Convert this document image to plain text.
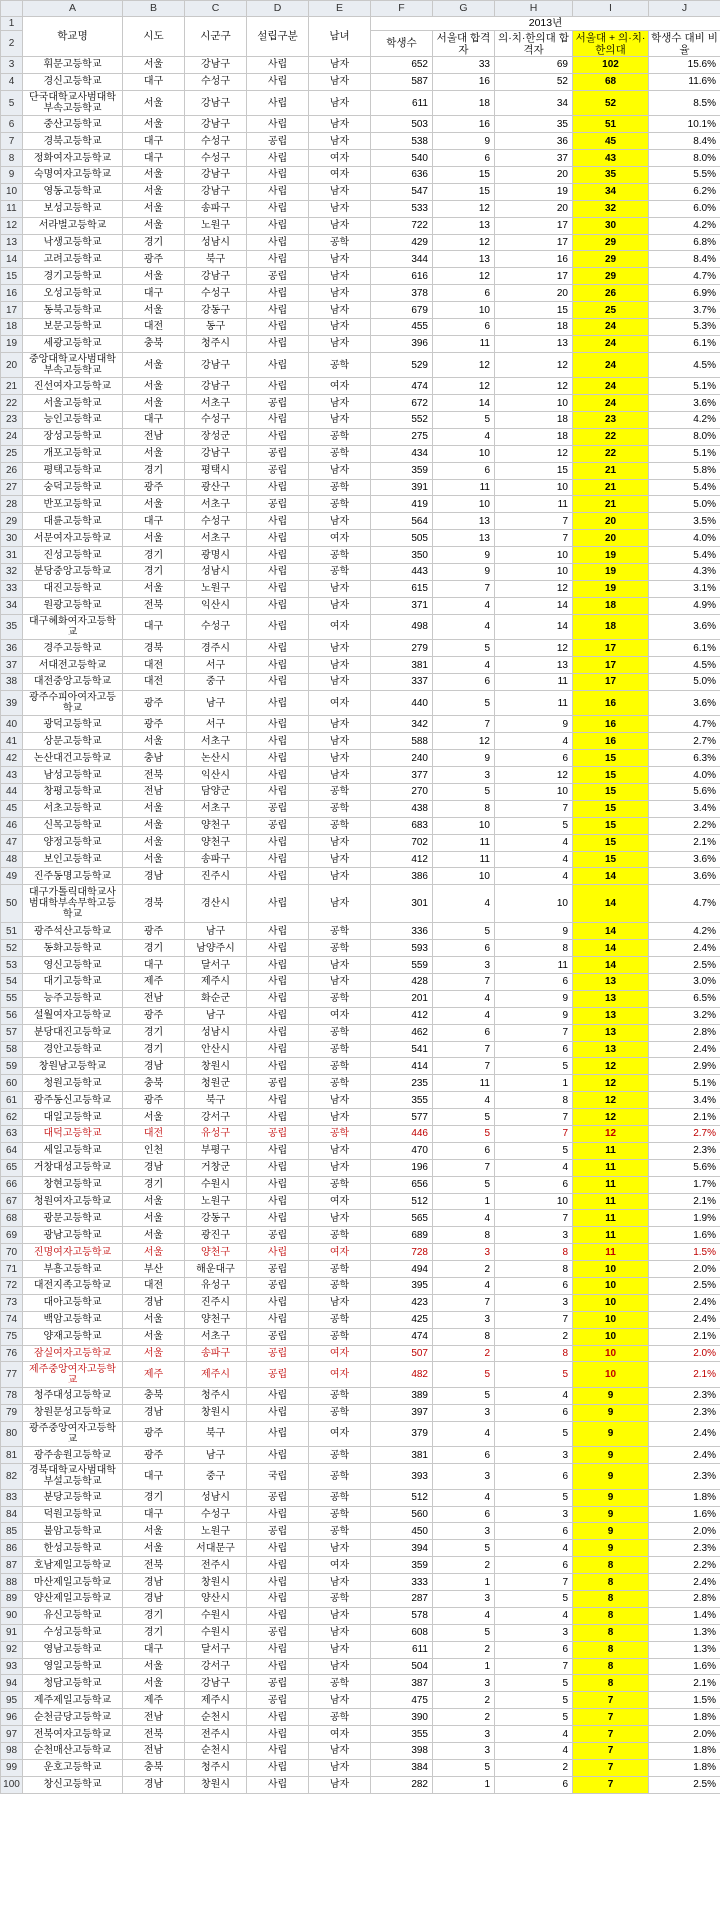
	A	B	C	D	E	F	G	H	I	J
1	학교명	시도	시군구	설립구분	남녀	2013년				
2						학생수	서울대 합격자	의·치·한의대 합격자	서울대 + 의·치·한의대	학생수 대비 비율
3	휘문고등학교	서울	강남구	사립	남자	652	33	69	102	15.6%
4	경신고등학교	대구	수성구	사립	남자	587	16	52	68	11.6%
5	단국대학교사범대학부속고등학교	서울	강남구	사립	남자	611	18	34	52	8.5%
6	중산고등학교	서울	강남구	사립	남자	503	16	35	51	10.1%
7	경북고등학교	대구	수성구	공립	남자	538	9	36	45	8.4%
8	정화여자고등학교	대구	수성구	사립	여자	540	6	37	43	8.0%
9	숙명여자고등학교	서울	강남구	사립	여자	636	15	20	35	5.5%
10	영동고등학교	서울	강남구	사립	남자	547	15	19	34	6.2%
11	보성고등학교	서울	송파구	사립	남자	533	12	20	32	6.0%
12	서라벌고등학교	서울	노원구	사립	남자	722	13	17	30	4.2%
13	낙생고등학교	경기	성남시	사립	공학	429	12	17	29	6.8%
14	고려고등학교	광주	북구	사립	남자	344	13	16	29	8.4%
15	경기고등학교	서울	강남구	공립	남자	616	12	17	29	4.7%
16	오성고등학교	대구	수성구	사립	남자	378	6	20	26	6.9%
17	동북고등학교	서울	강동구	사립	남자	679	10	15	25	3.7%
18	보문고등학교	대전	동구	사립	남자	455	6	18	24	5.3%
19	세광고등학교	충북	청주시	사립	남자	396	11	13	24	6.1%
20	중앙대학교사범대학부속고등학교	서울	강남구	사립	공학	529	12	12	24	4.5%
21	진선여자고등학교	서울	강남구	사립	여자	474	12	12	24	5.1%
22	서울고등학교	서울	서초구	공립	남자	672	14	10	24	3.6%
23	능인고등학교	대구	수성구	사립	남자	552	5	18	23	4.2%
24	장성고등학교	전남	장성군	사립	공학	275	4	18	22	8.0%
25	개포고등학교	서울	강남구	공립	공학	434	10	12	22	5.1%
26	평택고등학교	경기	평택시	공립	남자	359	6	15	21	5.8%
27	숭덕고등학교	광주	광산구	사립	공학	391	11	10	21	5.4%
28	반포고등학교	서울	서초구	공립	공학	419	10	11	21	5.0%
29	대륜고등학교	대구	수성구	사립	남자	564	13	7	20	3.5%
30	서문여자고등학교	서울	서초구	사립	여자	505	13	7	20	4.0%
31	진성고등학교	경기	광명시	사립	공학	350	9	10	19	5.4%
32	분당중앙고등학교	경기	성남시	사립	공학	443	9	10	19	4.3%
33	대진고등학교	서울	노원구	사립	남자	615	7	12	19	3.1%
34	원광고등학교	전북	익산시	사립	남자	371	4	14	18	4.9%
35	대구혜화여자고등학교	대구	수성구	사립	여자	498	4	14	18	3.6%
36	경주고등학교	경북	경주시	사립	남자	279	5	12	17	6.1%
37	서대전고등학교	대전	서구	사립	남자	381	4	13	17	4.5%
38	대전중앙고등학교	대전	중구	사립	남자	337	6	11	17	5.0%
39	광주수피아여자고등학교	광주	남구	사립	여자	440	5	11	16	3.6%
40	광덕고등학교	광주	서구	사립	남자	342	7	9	16	4.7%
41	상문고등학교	서울	서초구	사립	남자	588	12	4	16	2.7%
42	논산대건고등학교	충남	논산시	사립	남자	240	9	6	15	6.3%
43	남성고등학교	전북	익산시	사립	남자	377	3	12	15	4.0%
44	창평고등학교	전남	담양군	사립	공학	270	5	10	15	5.6%
45	서초고등학교	서울	서초구	공립	공학	438	8	7	15	3.4%
46	신목고등학교	서울	양천구	공립	공학	683	10	5	15	2.2%
47	양정고등학교	서울	양천구	사립	남자	702	11	4	15	2.1%
48	보인고등학교	서울	송파구	사립	남자	412	11	4	15	3.6%
49	진주동명고등학교	경남	진주시	사립	남자	386	10	4	14	3.6%
50	대구가톨릭대학교사범대학부속무학고등학교	경북	경산시	사립	남자	301	4	10	14	4.7%
51	광주석산고등학교	광주	남구	사립	공학	336	5	9	14	4.2%
52	동화고등학교	경기	남양주시	사립	공학	593	6	8	14	2.4%
53	영신고등학교	대구	달서구	사립	남자	559	3	11	14	2.5%
54	대기고등학교	제주	제주시	사립	남자	428	7	6	13	3.0%
55	능주고등학교	전남	화순군	사립	공학	201	4	9	13	6.5%
56	설월여자고등학교	광주	남구	사립	여자	412	4	9	13	3.2%
57	분당대진고등학교	경기	성남시	사립	공학	462	6	7	13	2.8%
58	경안고등학교	경기	안산시	사립	공학	541	7	6	13	2.4%
59	창원남고등학교	경남	창원시	사립	공학	414	7	5	12	2.9%
60	청원고등학교	충북	청원군	공립	공학	235	11	1	12	5.1%
61	광주동신고등학교	광주	북구	사립	남자	355	4	8	12	3.4%
62	대일고등학교	서울	강서구	사립	남자	577	5	7	12	2.1%
63	대덕고등학교	대전	유성구	공립	공학	446	5	7	12	2.7%
64	세일고등학교	인천	부평구	사립	남자	470	6	5	11	2.3%
65	거창대성고등학교	경남	거창군	사립	남자	196	7	4	11	5.6%
66	창현고등학교	경기	수원시	사립	공학	656	5	6	11	1.7%
67	청원여자고등학교	서울	노원구	사립	여자	512	1	10	11	2.1%
68	광문고등학교	서울	강동구	사립	남자	565	4	7	11	1.9%
69	광남고등학교	서울	광진구	공립	공학	689	8	3	11	1.6%
70	진명여자고등학교	서울	양천구	사립	여자	728	3	8	11	1.5%
71	부흥고등학교	부산	해운대구	공립	공학	494	2	8	10	2.0%
72	대전지족고등학교	대전	유성구	공립	공학	395	4	6	10	2.5%
73	대아고등학교	경남	진주시	사립	남자	423	7	3	10	2.4%
74	백암고등학교	서울	양천구	사립	공학	425	3	7	10	2.4%
75	양재고등학교	서울	서초구	공립	공학	474	8	2	10	2.1%
76	잠실여자고등학교	서울	송파구	공립	여자	507	2	8	10	2.0%
77	제주중앙여자고등학교	제주	제주시	공립	여자	482	5	5	10	2.1%
78	청주대성고등학교	충북	청주시	사립	공학	389	5	4	9	2.3%
79	창원문성고등학교	경남	창원시	사립	공학	397	3	6	9	2.3%
80	광주중앙여자고등학교	광주	북구	사립	여자	379	4	5	9	2.4%
81	광주송원고등학교	광주	남구	사립	공학	381	6	3	9	2.4%
82	경북대학교사범대학부설고등학교	대구	중구	국립	공학	393	3	6	9	2.3%
83	분당고등학교	경기	성남시	공립	공학	512	4	5	9	1.8%
84	덕원고등학교	대구	수성구	사립	공학	560	6	3	9	1.6%
85	불암고등학교	서울	노원구	공립	공학	450	3	6	9	2.0%
86	한성고등학교	서울	서대문구	사립	남자	394	5	4	9	2.3%
87	호남제일고등학교	전북	전주시	사립	여자	359	2	6	8	2.2%
88	마산제일고등학교	경남	창원시	사립	남자	333	1	7	8	2.4%
89	양산제일고등학교	경남	양산시	사립	공학	287	3	5	8	2.8%
90	유신고등학교	경기	수원시	사립	남자	578	4	4	8	1.4%
91	수성고등학교	경기	수원시	공립	남자	608	5	3	8	1.3%
92	영남고등학교	대구	달서구	사립	남자	611	2	6	8	1.3%
93	영일고등학교	서울	강서구	사립	남자	504	1	7	8	1.6%
94	청담고등학교	서울	강남구	공립	공학	387	3	5	8	2.1%
95	제주제일고등학교	제주	제주시	공립	남자	475	2	5	7	1.5%
96	순천금당고등학교	전남	순천시	사립	공학	390	2	5	7	1.8%
97	전북여자고등학교	전북	전주시	사립	여자	355	3	4	7	2.0%
98	순천매산고등학교	전남	순천시	사립	남자	398	3	4	7	1.8%
99	운호고등학교	충북	청주시	사립	남자	384	5	2	7	1.8%
100	창신고등학교	경남	창원시	사립	남자	282	1	6	7	2.5%
